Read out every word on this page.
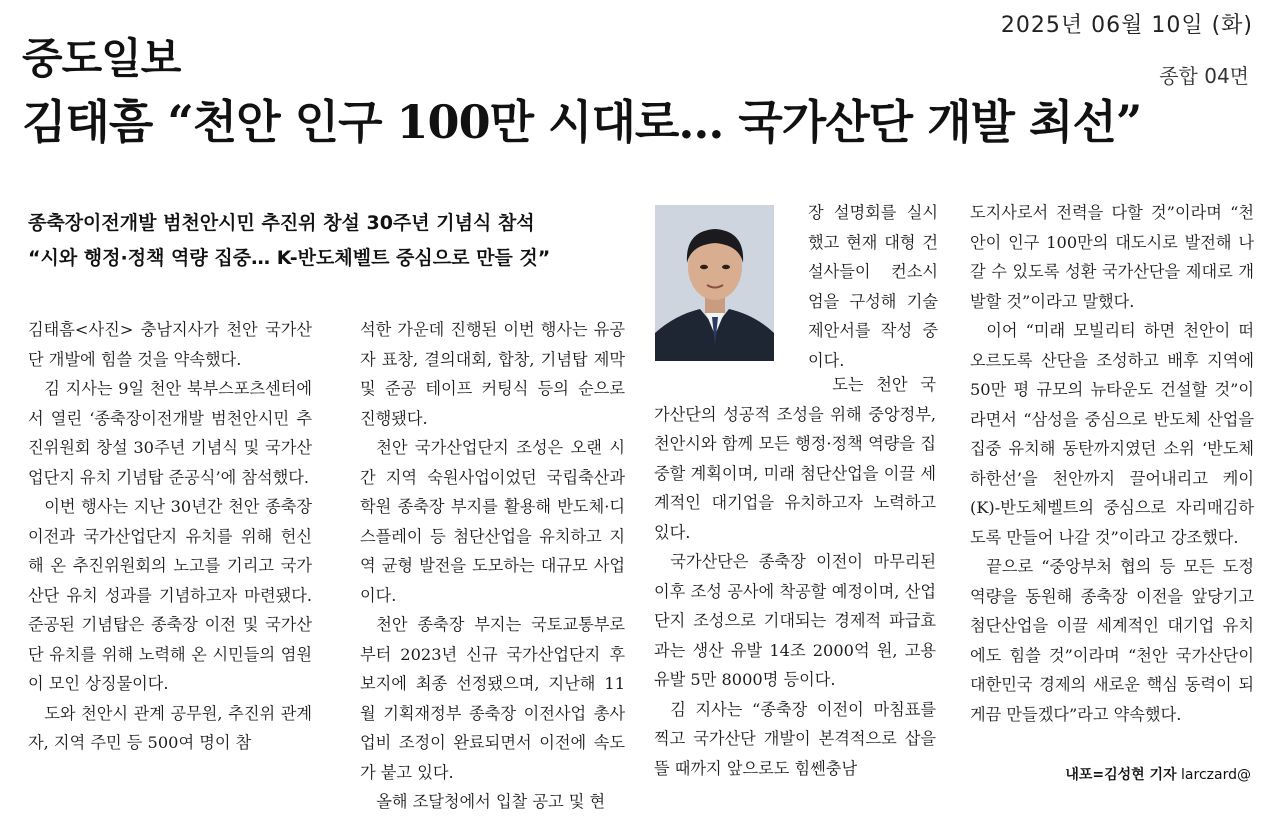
2025년 06월 10일 (화)
중도일보	종합 04면
김태흠 “천안 인구 100만 시대로… 국가산단 개발 최선”
종축장이전개발 범천안시민 추진위 창설 30주년 기념식 참석
“시와 행정·정책 역량 집중… K-반도체벨트 중심으로 만들 것”

김태흠<사진> 충남지사가 천안 국가산단 개발에 힘쓸 것을 약속했다.

김 지사는 9일 천안 북부스포츠센터에서 열린 ‘종축장이전개발 범천안시민 추진위원회 창설 30주년 기념식 및 국가산업단지 유치 기념탑 준공식’에 참석했다.

이번 행사는 지난 30년간 천안 종축장 이전과 국가산업단지 유치를 위해 헌신해 온 추진위원회의 노고를 기리고 국가산단 유치 성과를 기념하고자 마련됐다. 준공된 기념탑은 종축장 이전 및 국가산단 유치를 위해 노력해 온 시민들의 염원이 모인 상징물이다.

도와 천안시 관계 공무원, 추진위 관계자, 지역 주민 등 500여 명이 참

석한 가운데 진행된 이번 행사는 유공자 표창, 결의대회, 합창, 기념탑 제막 및 준공 테이프 커팅식 등의 순으로 진행됐다.

천안 국가산업단지 조성은 오랜 시간 지역 숙원사업이었던 국립축산과학원 종축장 부지를 활용해 반도체·디스플레이 등 첨단산업을 유치하고 지역 균형 발전을 도모하는 대규모 사업이다.

천안 종축장 부지는 국토교통부로부터 2023년 신규 국가산업단지 후보지에 최종 선정됐으며, 지난해 11월 기획재정부 종축장 이전사업 총사업비 조정이 완료되면서 이전에 속도가 붙고 있다.

올해 조달청에서 입찰 공고 및 현

장 설명회를 실시했고 현재 대형 건설사들이 컨소시엄을 구성해 기술 제안서를 작성 중이다.

도는 천안 국가산단의 성공적 조성을 위해 중앙정부, 천안시와 함께 모든 행정·정책 역량을 집중할 계획이며, 미래 첨단산업을 이끌 세계적인 대기업을 유치하고자 노력하고 있다.

국가산단은 종축장 이전이 마무리된 이후 조성 공사에 착공할 예정이며, 산업단지 조성으로 기대되는 경제적 파급효과는 생산 유발 14조 2000억 원, 고용 유발 5만 8000명 등이다.

김 지사는 “종축장 이전이 마침표를 찍고 국가산단 개발이 본격적으로 삽을 뜰 때까지 앞으로도 힘쎈충남

도지사로서 전력을 다할 것”이라며 “천안이 인구 100만의 대도시로 발전해 나갈 수 있도록 성환 국가산단을 제대로 개발할 것”이라고 말했다.

이어 “미래 모빌리티 하면 천안이 떠오르도록 산단을 조성하고 배후 지역에 50만 평 규모의 뉴타운도 건설할 것”이라면서 “삼성을 중심으로 반도체 산업을 집중 유치해 동탄까지였던 소위 ‘반도체 하한선’을 천안까지 끌어내리고 케이(K)-반도체벨트의 중심으로 자리매김하도록 만들어 나갈 것”이라고 강조했다.

끝으로 “중앙부처 협의 등 모든 도정 역량을 동원해 종축장 이전을 앞당기고 첨단산업을 이끌 세계적인 대기업 유치에도 힘쓸 것”이라며 “천안 국가산단이 대한민국 경제의 새로운 핵심 동력이 되게끔 만들겠다”라고 약속했다.

내포=김성현 기자 larczard@
